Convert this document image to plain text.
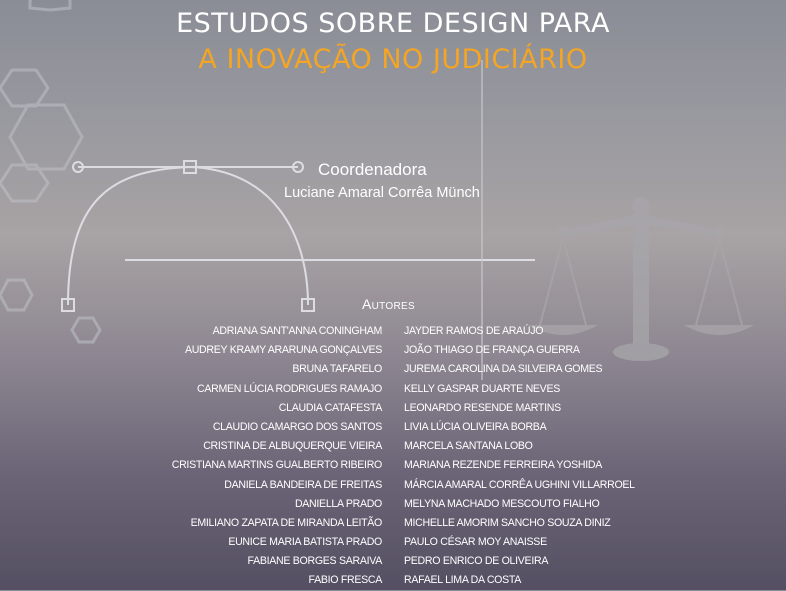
ESTUDOS SOBRE DESIGN PARA
A INOVAÇÃO NO JUDICIÁRIO
Coordenadora
Luciane Amaral Corrêa Münch
Autores
ADRIANA SANT'ANNA CONINGHAM
AUDREY KRAMY ARARUNA GONÇALVES
BRUNA TAFARELO
CARMEN LÚCIA RODRIGUES RAMAJO
CLAUDIA CATAFESTA
CLAUDIO CAMARGO DOS SANTOS
CRISTINA DE ALBUQUERQUE VIEIRA
CRISTIANA MARTINS GUALBERTO RIBEIRO
DANIELA BANDEIRA DE FREITAS
DANIELLA PRADO
EMILIANO ZAPATA DE MIRANDA LEITÃO
EUNICE MARIA BATISTA PRADO
FABIANE BORGES SARAIVA
FABIO FRESCA
JAYDER RAMOS DE ARAÚJO
JOÃO THIAGO DE FRANÇA GUERRA
JUREMA CAROLINA DA SILVEIRA GOMES
KELLY GASPAR DUARTE NEVES
LEONARDO RESENDE MARTINS
LIVIA LÚCIA OLIVEIRA BORBA
MARCELA SANTANA LOBO
MARIANA REZENDE FERREIRA YOSHIDA
MÁRCIA AMARAL CORRÊA UGHINI VILLARROEL
MELYNA MACHADO MESCOUTO FIALHO
MICHELLE AMORIM SANCHO SOUZA DINIZ
PAULO CÉSAR MOY ANAISSE
PEDRO ENRICO DE OLIVEIRA
RAFAEL LIMA DA COSTA
